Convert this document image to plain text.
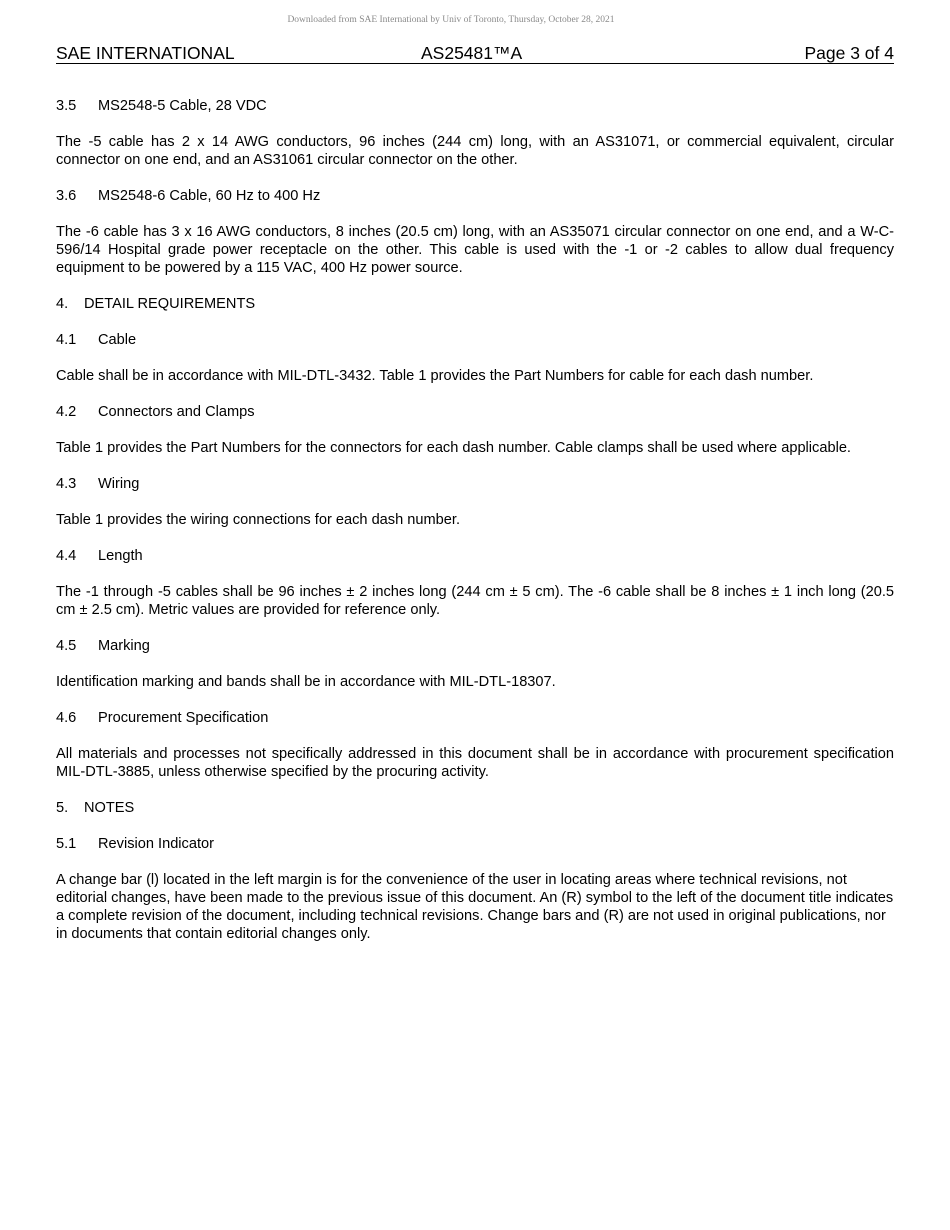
Downloaded from SAE International by Univ of Toronto, Thursday, October 28, 2021
SAE INTERNATIONAL	AS25481™A	Page 3 of 4
3.5 MS2548-5 Cable, 28 VDC

The -5 cable has 2 x 14 AWG conductors, 96 inches (244 cm) long, with an AS31071, or commercial equivalent, circular connector on one end, and an AS31061 circular connector on the other.

3.6 MS2548-6 Cable, 60 Hz to 400 Hz

The -6 cable has 3 x 16 AWG conductors, 8 inches (20.5 cm) long, with an AS35071 circular connector on one end, and a W-C-596/14 Hospital grade power receptacle on the other. This cable is used with the -1 or -2 cables to allow dual frequency equipment to be powered by a 115 VAC, 400 Hz power source.

4. DETAIL REQUIREMENTS
4.1 Cable

Cable shall be in accordance with MIL-DTL-3432. Table 1 provides the Part Numbers for cable for each dash number.

4.2 Connectors and Clamps

Table 1 provides the Part Numbers for the connectors for each dash number. Cable clamps shall be used where applicable.

4.3 Wiring

Table 1 provides the wiring connections for each dash number.

4.4 Length

The -1 through -5 cables shall be 96 inches ± 2 inches long (244 cm ± 5 cm). The -6 cable shall be 8 inches ± 1 inch long (20.5 cm ± 2.5 cm). Metric values are provided for reference only.

4.5 Marking

Identification marking and bands shall be in accordance with MIL-DTL-18307.

4.6 Procurement Specification

All materials and processes not specifically addressed in this document shall be in accordance with procurement specification MIL-DTL-3885, unless otherwise specified by the procuring activity.

5. NOTES
5.1 Revision Indicator

A change bar (l) located in the left margin is for the convenience of the user in locating areas where technical revisions, not editorial changes, have been made to the previous issue of this document. An (R) symbol to the left of the document title indicates a complete revision of the document, including technical revisions. Change bars and (R) are not used in original publications, nor in documents that contain editorial changes only.
